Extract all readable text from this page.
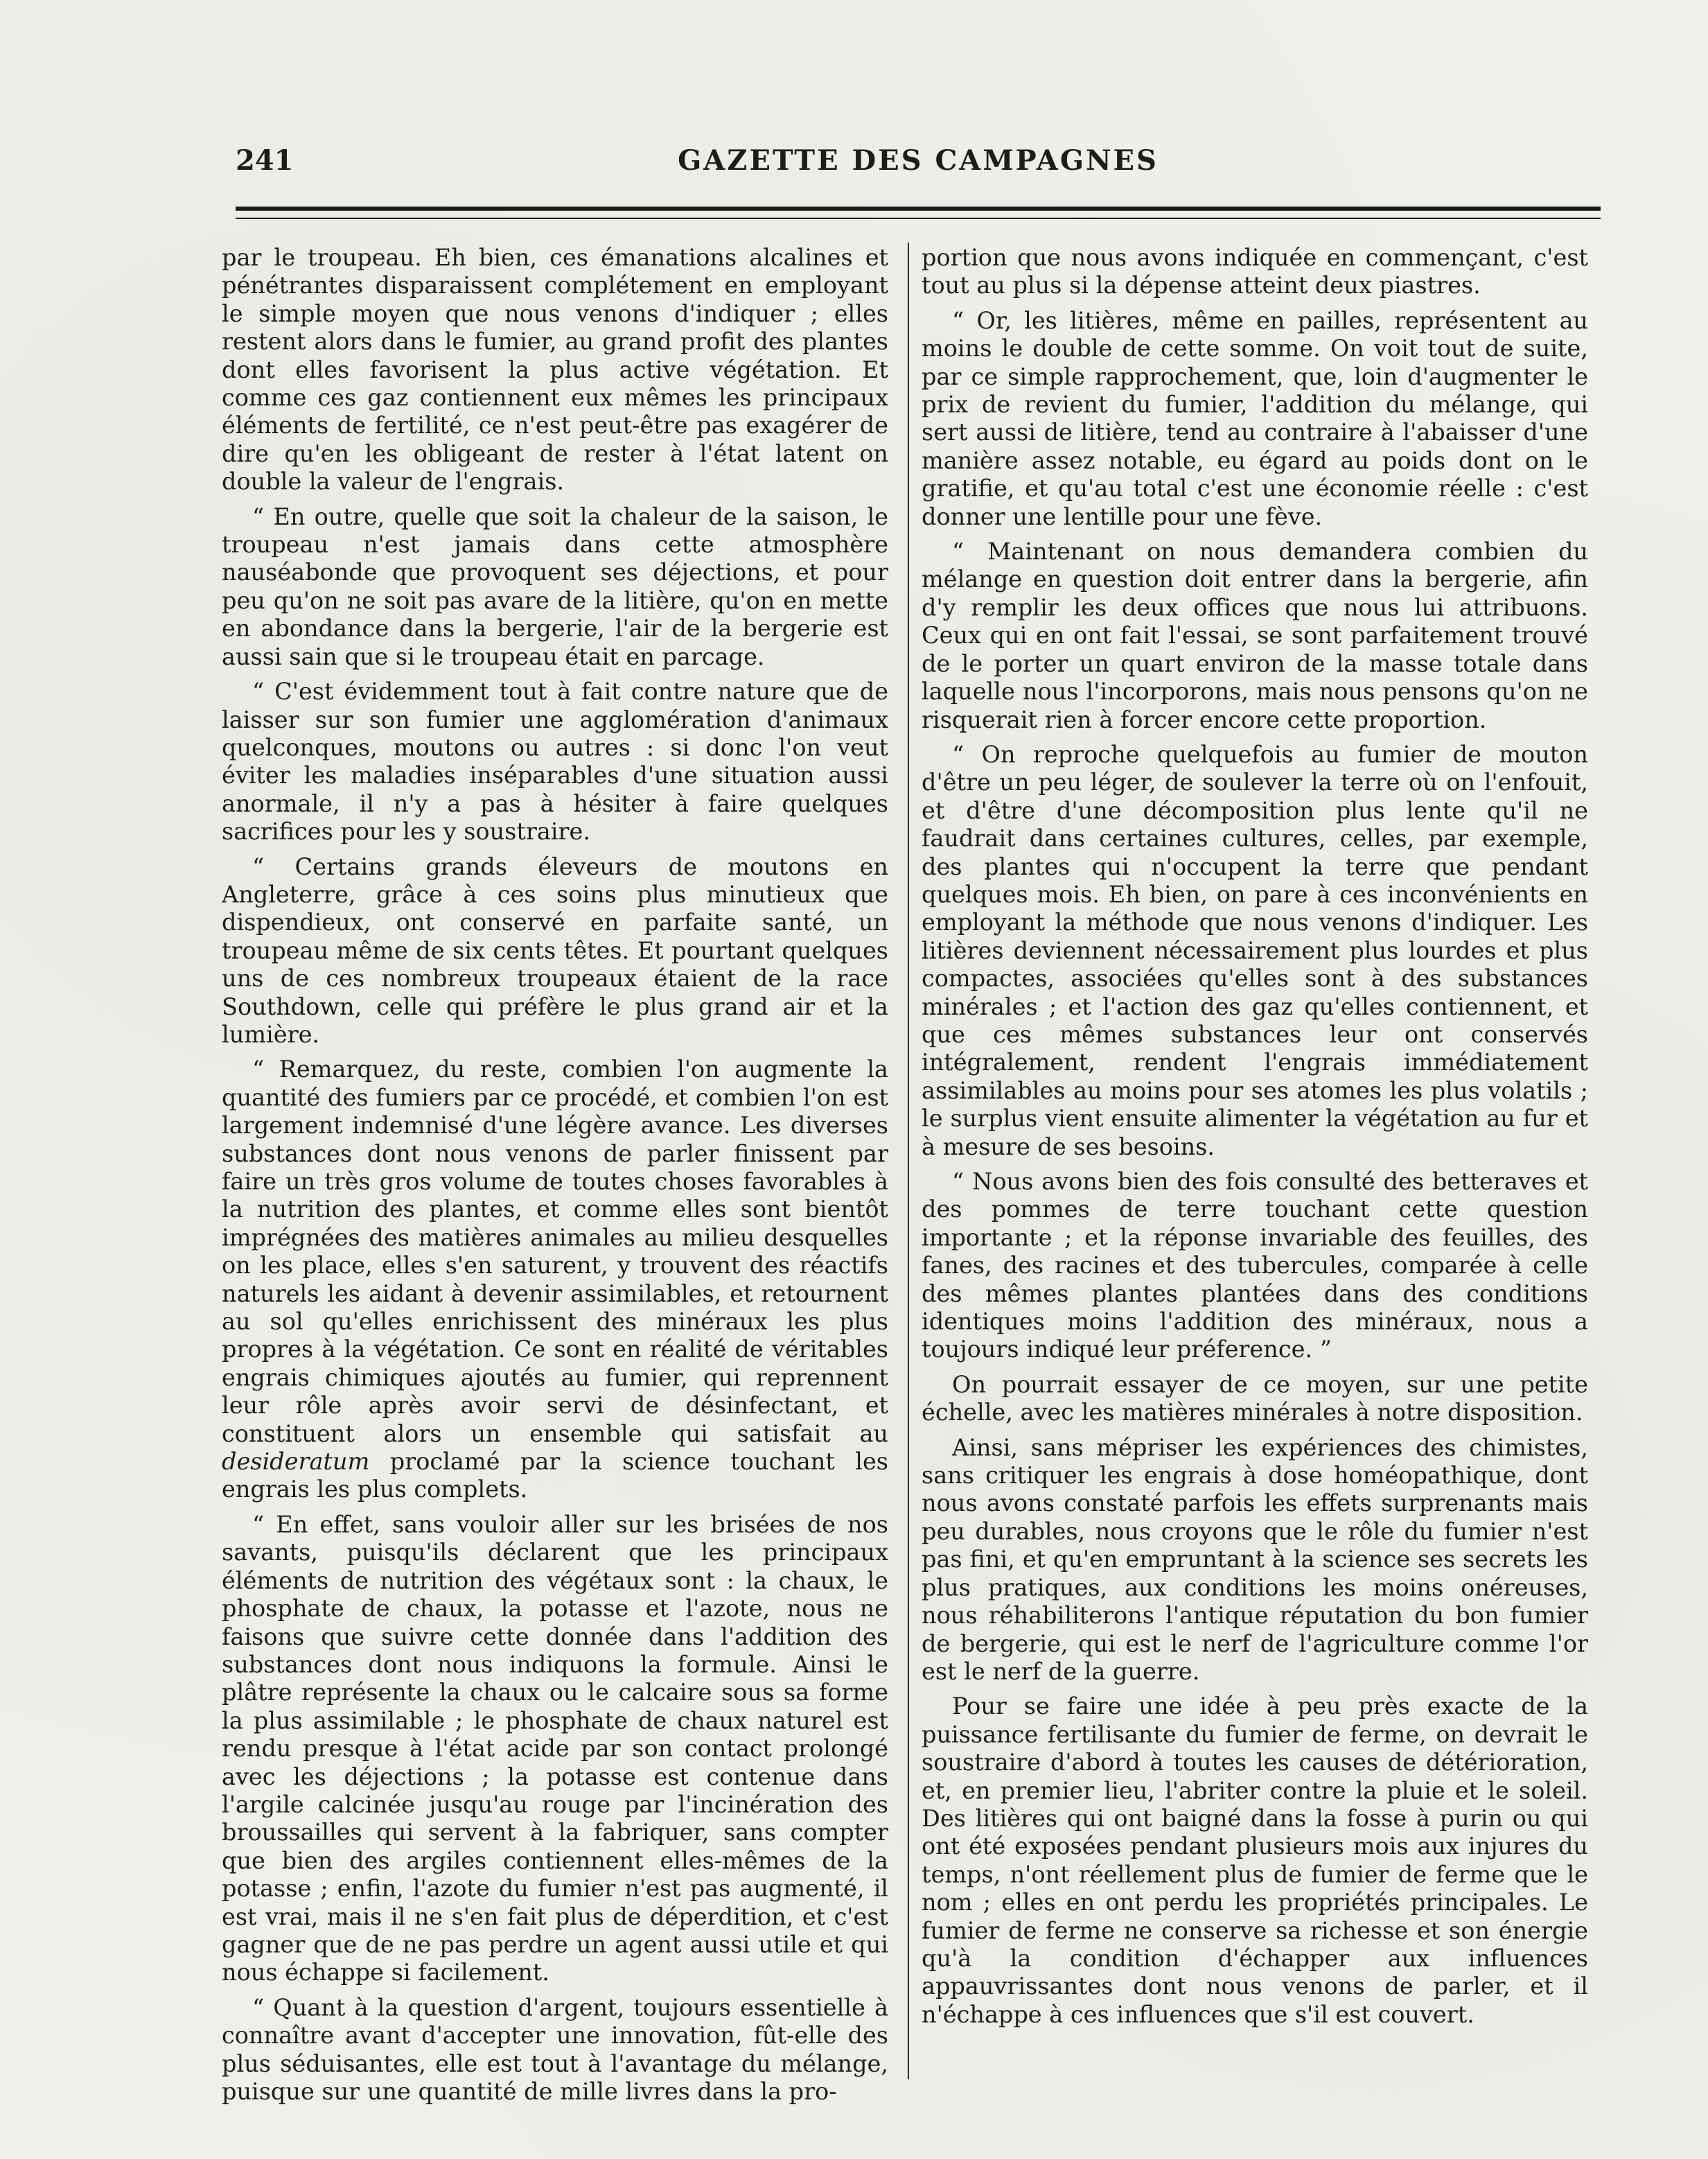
241	GAZETTE DES CAMPAGNES

par le troupeau. Eh bien, ces émanations alcalines et pénétrantes disparaissent complétement en employant le simple moyen que nous venons d'indiquer ; elles restent alors dans le fumier, au grand profit des plantes dont elles favorisent la plus active végétation. Et comme ces gaz contiennent eux mêmes les principaux éléments de fertilité, ce n'est peut-être pas exagérer de dire qu'en les obligeant de rester à l'état latent on double la valeur de l'engrais.

“ En outre, quelle que soit la chaleur de la saison, le troupeau n'est jamais dans cette atmosphère nauséabonde que provoquent ses déjections, et pour peu qu'on ne soit pas avare de la litière, qu'on en mette en abondance dans la bergerie, l'air de la bergerie est aussi sain que si le troupeau était en parcage.

“ C'est évidemment tout à fait contre nature que de laisser sur son fumier une agglomération d'animaux quelconques, moutons ou autres : si donc l'on veut éviter les maladies inséparables d'une situation aussi anormale, il n'y a pas à hésiter à faire quelques sacrifices pour les y soustraire.

“ Certains grands éleveurs de moutons en Angleterre, grâce à ces soins plus minutieux que dispendieux, ont conservé en parfaite santé, un troupeau même de six cents têtes. Et pourtant quelques uns de ces nombreux troupeaux étaient de la race Southdown, celle qui préfère le plus grand air et la lumière.

“ Remarquez, du reste, combien l'on augmente la quantité des fumiers par ce procédé, et combien l'on est largement indemnisé d'une légère avance. Les diverses substances dont nous venons de parler finissent par faire un très gros volume de toutes choses favorables à la nutrition des plantes, et comme elles sont bientôt imprégnées des matières animales au milieu desquelles on les place, elles s'en saturent, y trouvent des réactifs naturels les aidant à devenir assimilables, et retournent au sol qu'elles enrichissent des minéraux les plus propres à la végétation. Ce sont en réalité de véritables engrais chimiques ajoutés au fumier, qui reprennent leur rôle après avoir servi de désinfectant, et constituent alors un ensemble qui satisfait au desideratum proclamé par la science touchant les engrais les plus complets.

“ En effet, sans vouloir aller sur les brisées de nos savants, puisqu'ils déclarent que les principaux éléments de nutrition des végétaux sont : la chaux, le phosphate de chaux, la potasse et l'azote, nous ne faisons que suivre cette donnée dans l'addition des substances dont nous indiquons la formule. Ainsi le plâtre représente la chaux ou le calcaire sous sa forme la plus assimilable ; le phosphate de chaux naturel est rendu presque à l'état acide par son contact prolongé avec les déjections ; la potasse est contenue dans l'argile calcinée jusqu'au rouge par l'incinération des broussailles qui servent à la fabriquer, sans compter que bien des argiles contiennent elles-mêmes de la potasse ; enfin, l'azote du fumier n'est pas augmenté, il est vrai, mais il ne s'en fait plus de déperdition, et c'est gagner que de ne pas perdre un agent aussi utile et qui nous échappe si facilement.

“ Quant à la question d'argent, toujours essentielle à connaître avant d'accepter une innovation, fût-elle des plus séduisantes, elle est tout à l'avantage du mélange, puisque sur une quantité de mille livres dans la pro-

portion que nous avons indiquée en commençant, c'est tout au plus si la dépense atteint deux piastres.

“ Or, les litières, même en pailles, représentent au moins le double de cette somme. On voit tout de suite, par ce simple rapprochement, que, loin d'augmenter le prix de revient du fumier, l'addition du mélange, qui sert aussi de litière, tend au contraire à l'abaisser d'une manière assez notable, eu égard au poids dont on le gratifie, et qu'au total c'est une économie réelle : c'est donner une lentille pour une fève.

“ Maintenant on nous demandera combien du mélange en question doit entrer dans la bergerie, afin d'y remplir les deux offices que nous lui attribuons. Ceux qui en ont fait l'essai, se sont parfaitement trouvé de le porter un quart environ de la masse totale dans laquelle nous l'incorporons, mais nous pensons qu'on ne risquerait rien à forcer encore cette proportion.

“ On reproche quelquefois au fumier de mouton d'être un peu léger, de soulever la terre où on l'enfouit, et d'être d'une décomposition plus lente qu'il ne faudrait dans certaines cultures, celles, par exemple, des plantes qui n'occupent la terre que pendant quelques mois. Eh bien, on pare à ces inconvénients en employant la méthode que nous venons d'indiquer. Les litières deviennent nécessairement plus lourdes et plus compactes, associées qu'elles sont à des substances minérales ; et l'action des gaz qu'elles contiennent, et que ces mêmes substances leur ont conservés intégralement, rendent l'engrais immédiatement assimilables au moins pour ses atomes les plus volatils ; le surplus vient ensuite alimenter la végétation au fur et à mesure de ses besoins.

“ Nous avons bien des fois consulté des betteraves et des pommes de terre touchant cette question importante ; et la réponse invariable des feuilles, des fanes, des racines et des tubercules, comparée à celle des mêmes plantes plantées dans des conditions identiques moins l'addition des minéraux, nous a toujours indiqué leur préference. ”

On pourrait essayer de ce moyen, sur une petite échelle, avec les matières minérales à notre disposition.

Ainsi, sans mépriser les expériences des chimistes, sans critiquer les engrais à dose homéopathique, dont nous avons constaté parfois les effets surprenants mais peu durables, nous croyons que le rôle du fumier n'est pas fini, et qu'en empruntant à la science ses secrets les plus pratiques, aux conditions les moins onéreuses, nous réhabiliterons l'antique réputation du bon fumier de bergerie, qui est le nerf de l'agriculture comme l'or est le nerf de la guerre.

Pour se faire une idée à peu près exacte de la puissance fertilisante du fumier de ferme, on devrait le soustraire d'abord à toutes les causes de détérioration, et, en premier lieu, l'abriter contre la pluie et le soleil. Des litières qui ont baigné dans la fosse à purin ou qui ont été exposées pendant plusieurs mois aux injures du temps, n'ont réellement plus de fumier de ferme que le nom ; elles en ont perdu les propriétés principales. Le fumier de ferme ne conserve sa richesse et son énergie qu'à la condition d'échapper aux influences appauvrissantes dont nous venons de parler, et il n'échappe à ces influences que s'il est couvert.
